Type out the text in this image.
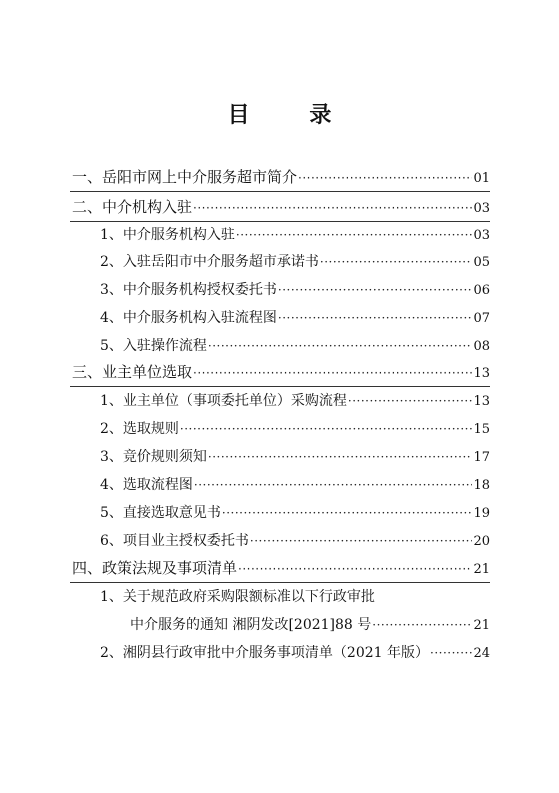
目 录
一、岳阳市网上中介服务超市简介 ·····	01
二、中介机构入驻 ·····	03
1、中介服务机构入驻 ·····	03
2、入驻岳阳市中介服务超市承诺书 ·····	05
3、中介服务机构授权委托书 ·····	06
4、中介服务机构入驻流程图 ·····	07
5、入驻操作流程 ·····	08
三、业主单位选取 ·····	13
1、业主单位（事项委托单位）采购流程 ·····	13
2、选取规则 ·····	15
3、竞价规则须知 ·····	17
4、选取流程图 ·····	18
5、直接选取意见书 ·····	19
6、项目业主授权委托书 ·····	20
四、政策法规及事项清单 ·····	21
1、关于规范政府采购限额标准以下行政审批
中介服务的通知 湘阴发改[2021]88 号 ·····	21
2、湘阴县行政审批中介服务事项清单（2021 年版） ·····	24
